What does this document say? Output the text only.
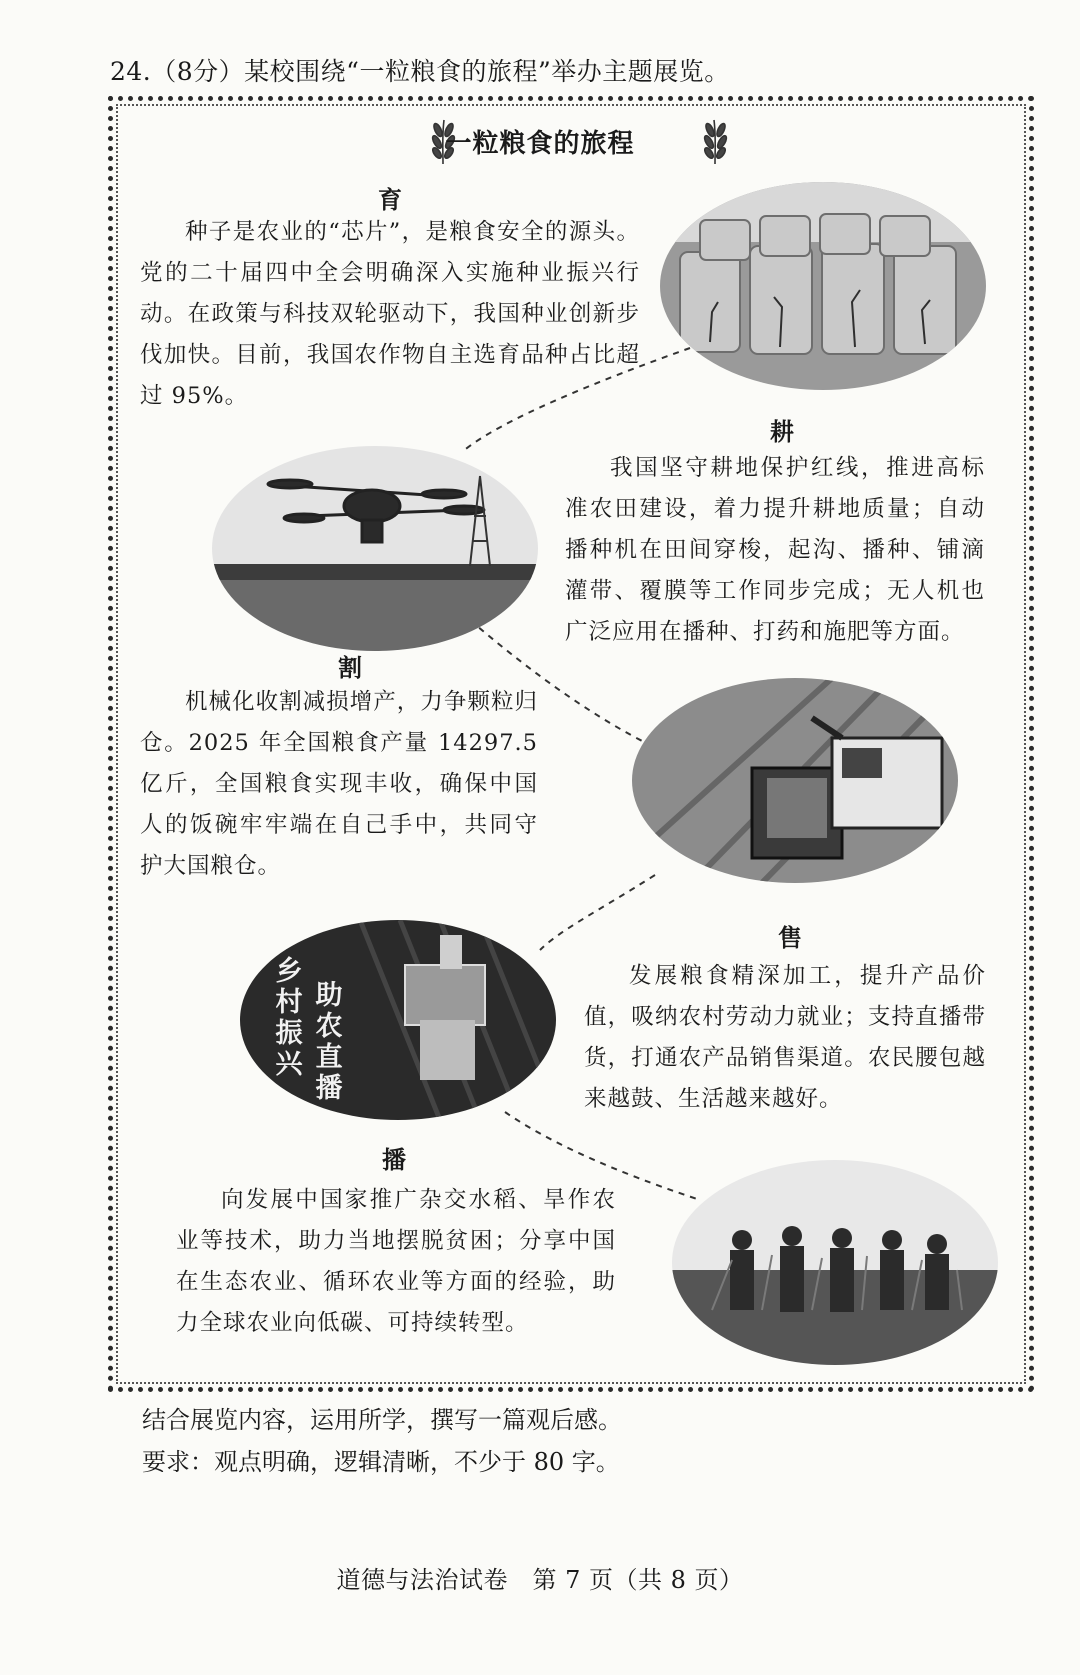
24.（8分）某校围绕“一粒粮食的旅程”举办主题展览。
一粒粮食的旅程
育
种子是农业的“芯片”，是粮食安全的源头。党的二十届四中全会明确深入实施种业振兴行动。在政策与科技双轮驱动下，我国种业创新步伐加快。目前，我国农作物自主选育品种占比超过 95%。
耕
我国坚守耕地保护红线，推进高标准农田建设，着力提升耕地质量；自动播种机在田间穿梭，起沟、播种、铺滴灌带、覆膜等工作同步完成；无人机也广泛应用在播种、打药和施肥等方面。
割
机械化收割减损增产，力争颗粒归仓。2025 年全国粮食产量 14297.5 亿斤，全国粮食实现丰收，确保中国人的饭碗牢牢端在自己手中，共同守护大国粮仓。
乡村振兴
助农直播
售
发展粮食精深加工，提升产品价值，吸纳农村劳动力就业；支持直播带货，打通农产品销售渠道。农民腰包越来越鼓、生活越来越好。
播
向发展中国家推广杂交水稻、旱作农业等技术，助力当地摆脱贫困；分享中国在生态农业、循环农业等方面的经验，助力全球农业向低碳、可持续转型。
结合展览内容，运用所学，撰写一篇观后感。
要求：观点明确，逻辑清晰，不少于 80 字。
道德与法治试卷　第 7 页（共 8 页）
